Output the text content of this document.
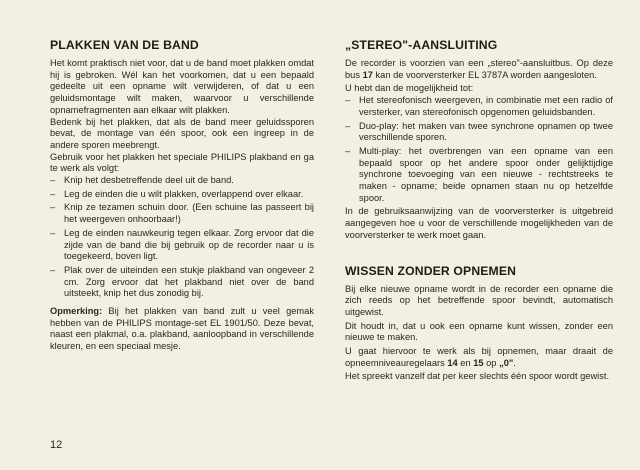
PLAKKEN VAN DE BAND

Het komt praktisch niet voor, dat u de band moet plakken omdat hij is gebroken. Wél kan het voorkomen, dat u een bepaald gedeelte uit een opname wilt verwijderen, of dat u een geluidsmontage wilt maken, waarvoor u verschillende opnamefragmenten aan elkaar wilt plakken.

Bedenk bij het plakken, dat als de band meer geluidssporen bevat, de montage van één spoor, ook een ingreep in de andere sporen meebrengt.

Gebruik voor het plakken het speciale PHILIPS plakband en ga te werk als volgt:

– Knip het desbetreffende deel uit de band.
– Leg de einden die u wilt plakken, overlappend over elkaar.
– Knip ze tezamen schuin door. (Een schuine las passeert bij het weergeven onhoorbaar!)
– Leg de einden nauwkeurig tegen elkaar. Zorg ervoor dat die zijde van de band die bij gebruik op de recorder naar u is toegekeerd, boven ligt.
– Plak over de uiteinden een stukje plakband van ongeveer 2 cm. Zorg ervoor dat het plakband niet over de band uitsteekt, knip het dus zonodig bij.

Opmerking: Bij het plakken van band zult u veel gemak hebben van de PHILIPS montage-set EL 1901/50. Deze bevat, naast een plakmal, o.a. plakband, aanloopband in verschillende kleuren, en een speciaal mesje.

„STEREO"-AANSLUITING

De recorder is voorzien van een „stereo"-aansluitbus. Op deze bus 17 kan de voorversterker EL 3787A worden aangesloten.

U hebt dan de mogelijkheid tot:

– Het stereofonisch weergeven, in combinatie met een radio of versterker, van stereofonisch opgenomen geluidsbanden.
– Duo-play: het maken van twee synchrone opnamen op twee verschillende sporen.
– Multi-play: het overbrengen van een opname van een bepaald spoor op het andere spoor onder gelijktijdige synchrone toevoeging van een nieuwe - rechtstreeks te maken - opname; beide opnamen staan nu op hetzelfde spoor.

In de gebruiksaanwijzing van de voorversterker is uitgebreid aangegeven hoe u voor de verschillende mogelijkheden van de voorversterker te werk moet gaan.

WISSEN ZONDER OPNEMEN

Bij elke nieuwe opname wordt in de recorder een opname die zich reeds op het betreffende spoor bevindt, automatisch uitgewist.

Dit houdt in, dat u ook een opname kunt wissen, zonder een nieuwe te maken.

U gaat hiervoor te werk als bij opnemen, maar draait de opneemniveauregelaars 14 en 15 op „0".

Het spreekt vanzelf dat per keer slechts één spoor wordt gewist.

12
